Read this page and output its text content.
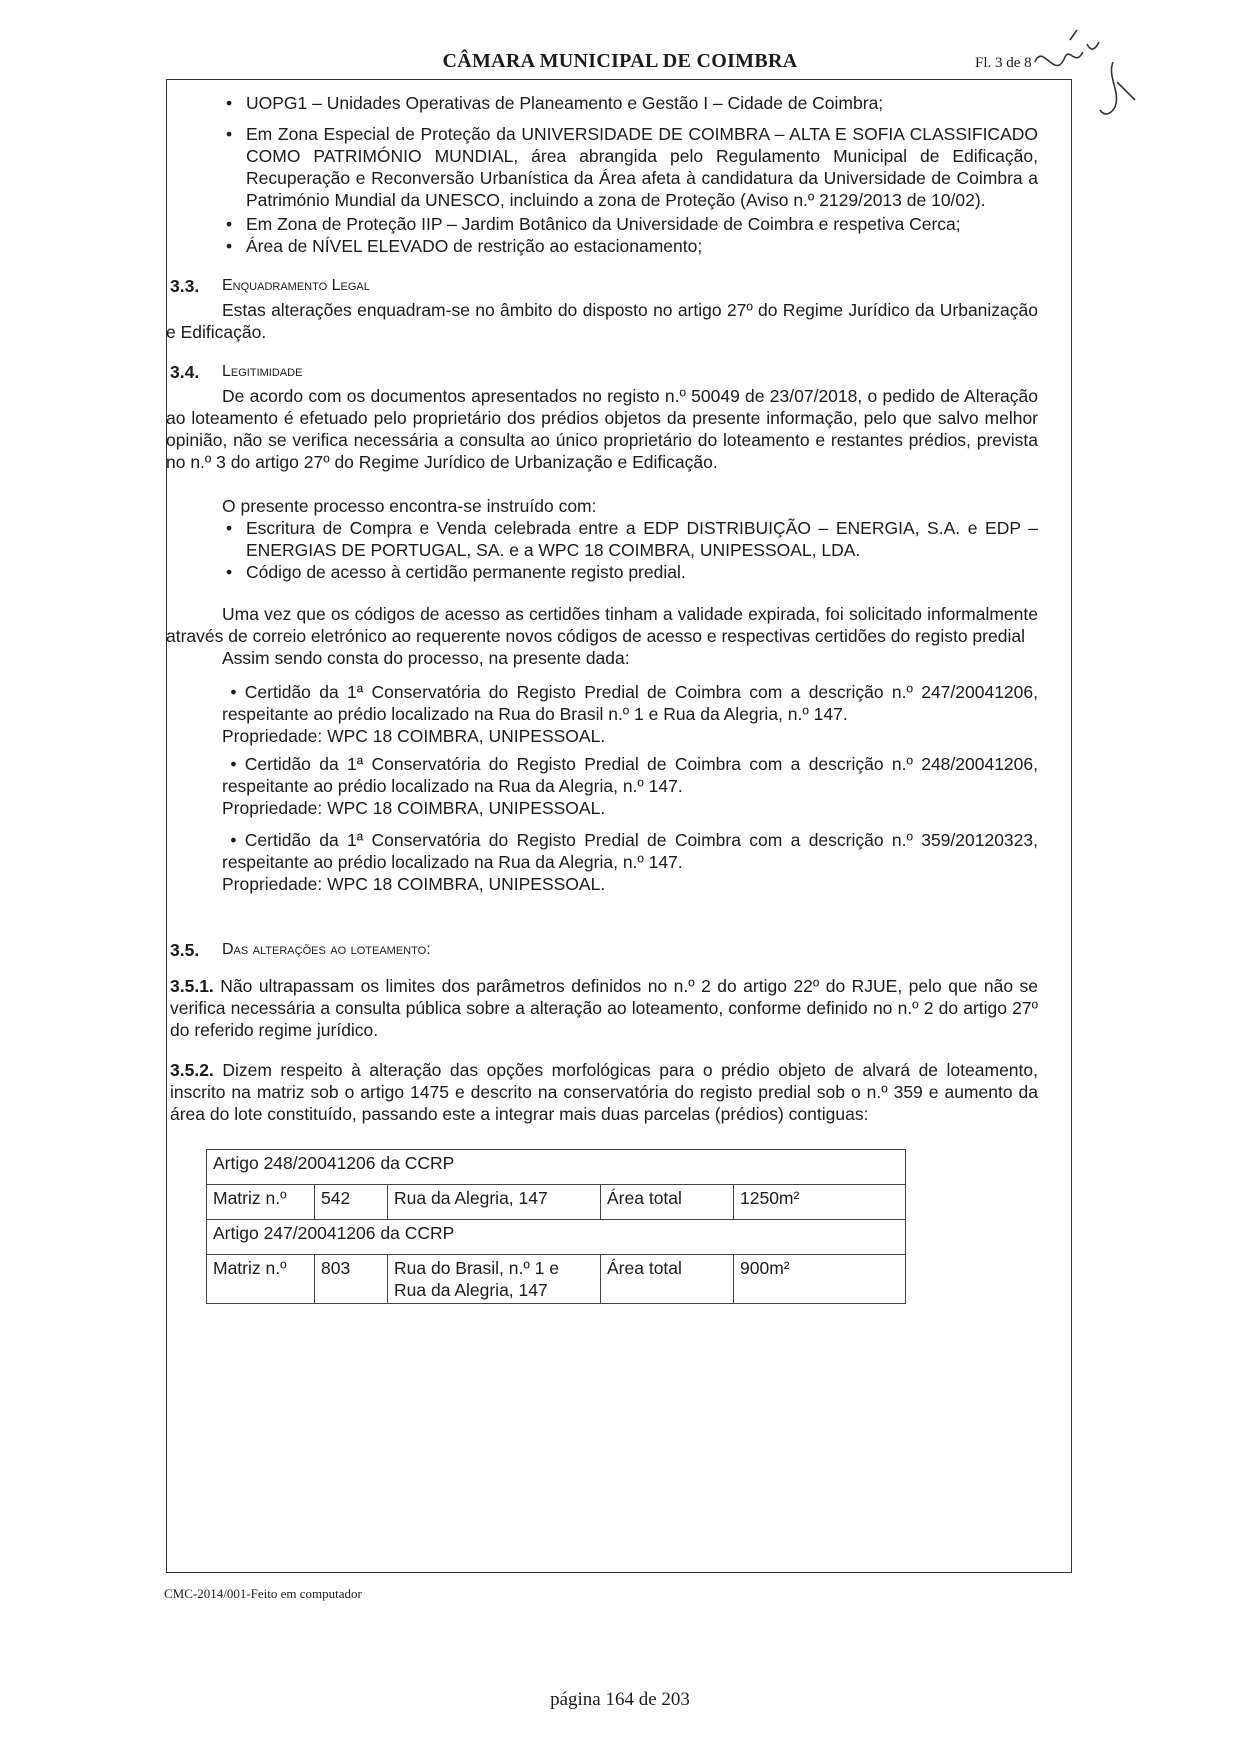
CÂMARA MUNICIPAL DE COIMBRA	Fl. 3 de 8
• UOPG1 – Unidades Operativas de Planeamento e Gestão I – Cidade de Coimbra;
• Em Zona Especial de Proteção da UNIVERSIDADE DE COIMBRA – ALTA E SOFIA CLASSIFICADO COMO PATRIMÓNIO MUNDIAL, área abrangida pelo Regulamento Municipal de Edificação, Recuperação e Reconversão Urbanística da Área afeta à candidatura da Universidade de Coimbra a Património Mundial da UNESCO, incluindo a zona de Proteção (Aviso n.º 2129/2013 de 10/02).
• Em Zona de Proteção IIP – Jardim Botânico da Universidade de Coimbra e respetiva Cerca;
• Área de NÍVEL ELEVADO de restrição ao estacionamento;
3.3. Enquadramento Legal
Estas alterações enquadram-se no âmbito do disposto no artigo 27º do Regime Jurídico da Urbanização e Edificação.
3.4. Legitimidade
De acordo com os documentos apresentados no registo n.º 50049 de 23/07/2018, o pedido de Alteração ao loteamento é efetuado pelo proprietário dos prédios objetos da presente informação, pelo que salvo melhor opinião, não se verifica necessária a consulta ao único proprietário do loteamento e restantes prédios, prevista no n.º 3 do artigo 27º do Regime Jurídico de Urbanização e Edificação.
O presente processo encontra-se instruído com:
• Escritura de Compra e Venda celebrada entre a EDP DISTRIBUIÇÃO – ENERGIA, S.A. e EDP – ENERGIAS DE PORTUGAL, SA. e a WPC 18 COIMBRA, UNIPESSOAL, LDA.
• Código de acesso à certidão permanente registo predial.
Uma vez que os códigos de acesso as certidões tinham a validade expirada, foi solicitado informalmente através de correio eletrónico ao requerente novos códigos de acesso e respectivas certidões do registo predial
Assim sendo consta do processo, na presente dada:
• Certidão da 1ª Conservatória do Registo Predial de Coimbra com a descrição n.º 247/20041206, respeitante ao prédio localizado na Rua do Brasil n.º 1 e Rua da Alegria, n.º 147.
Propriedade: WPC 18 COIMBRA, UNIPESSOAL.
• Certidão da 1ª Conservatória do Registo Predial de Coimbra com a descrição n.º 248/20041206, respeitante ao prédio localizado na Rua da Alegria, n.º 147.
Propriedade: WPC 18 COIMBRA, UNIPESSOAL.
• Certidão da 1ª Conservatória do Registo Predial de Coimbra com a descrição n.º 359/20120323, respeitante ao prédio localizado na Rua da Alegria, n.º 147.
Propriedade: WPC 18 COIMBRA, UNIPESSOAL.
3.5. Das alterações ao loteamento:
3.5.1. Não ultrapassam os limites dos parâmetros definidos no n.º 2 do artigo 22º do RJUE, pelo que não se verifica necessária a consulta pública sobre a alteração ao loteamento, conforme definido no n.º 2 do artigo 27º do referido regime jurídico.
3.5.2. Dizem respeito à alteração das opções morfológicas para o prédio objeto de alvará de loteamento, inscrito na matriz sob o artigo 1475 e descrito na conservatória do registo predial sob o n.º 359 e aumento da área do lote constituído, passando este a integrar mais duas parcelas (prédios) contiguas:
Artigo 248/20041206 da CCRP				
Matriz n.º	542	Rua da Alegria, 147	Área total	1250m²
Artigo 247/20041206 da CCRP				
Matriz n.º	803	Rua do Brasil, n.º 1 e Rua da Alegria, 147	Área total	900m²
CMC-2014/001-Feito em computador
página 164 de 203
